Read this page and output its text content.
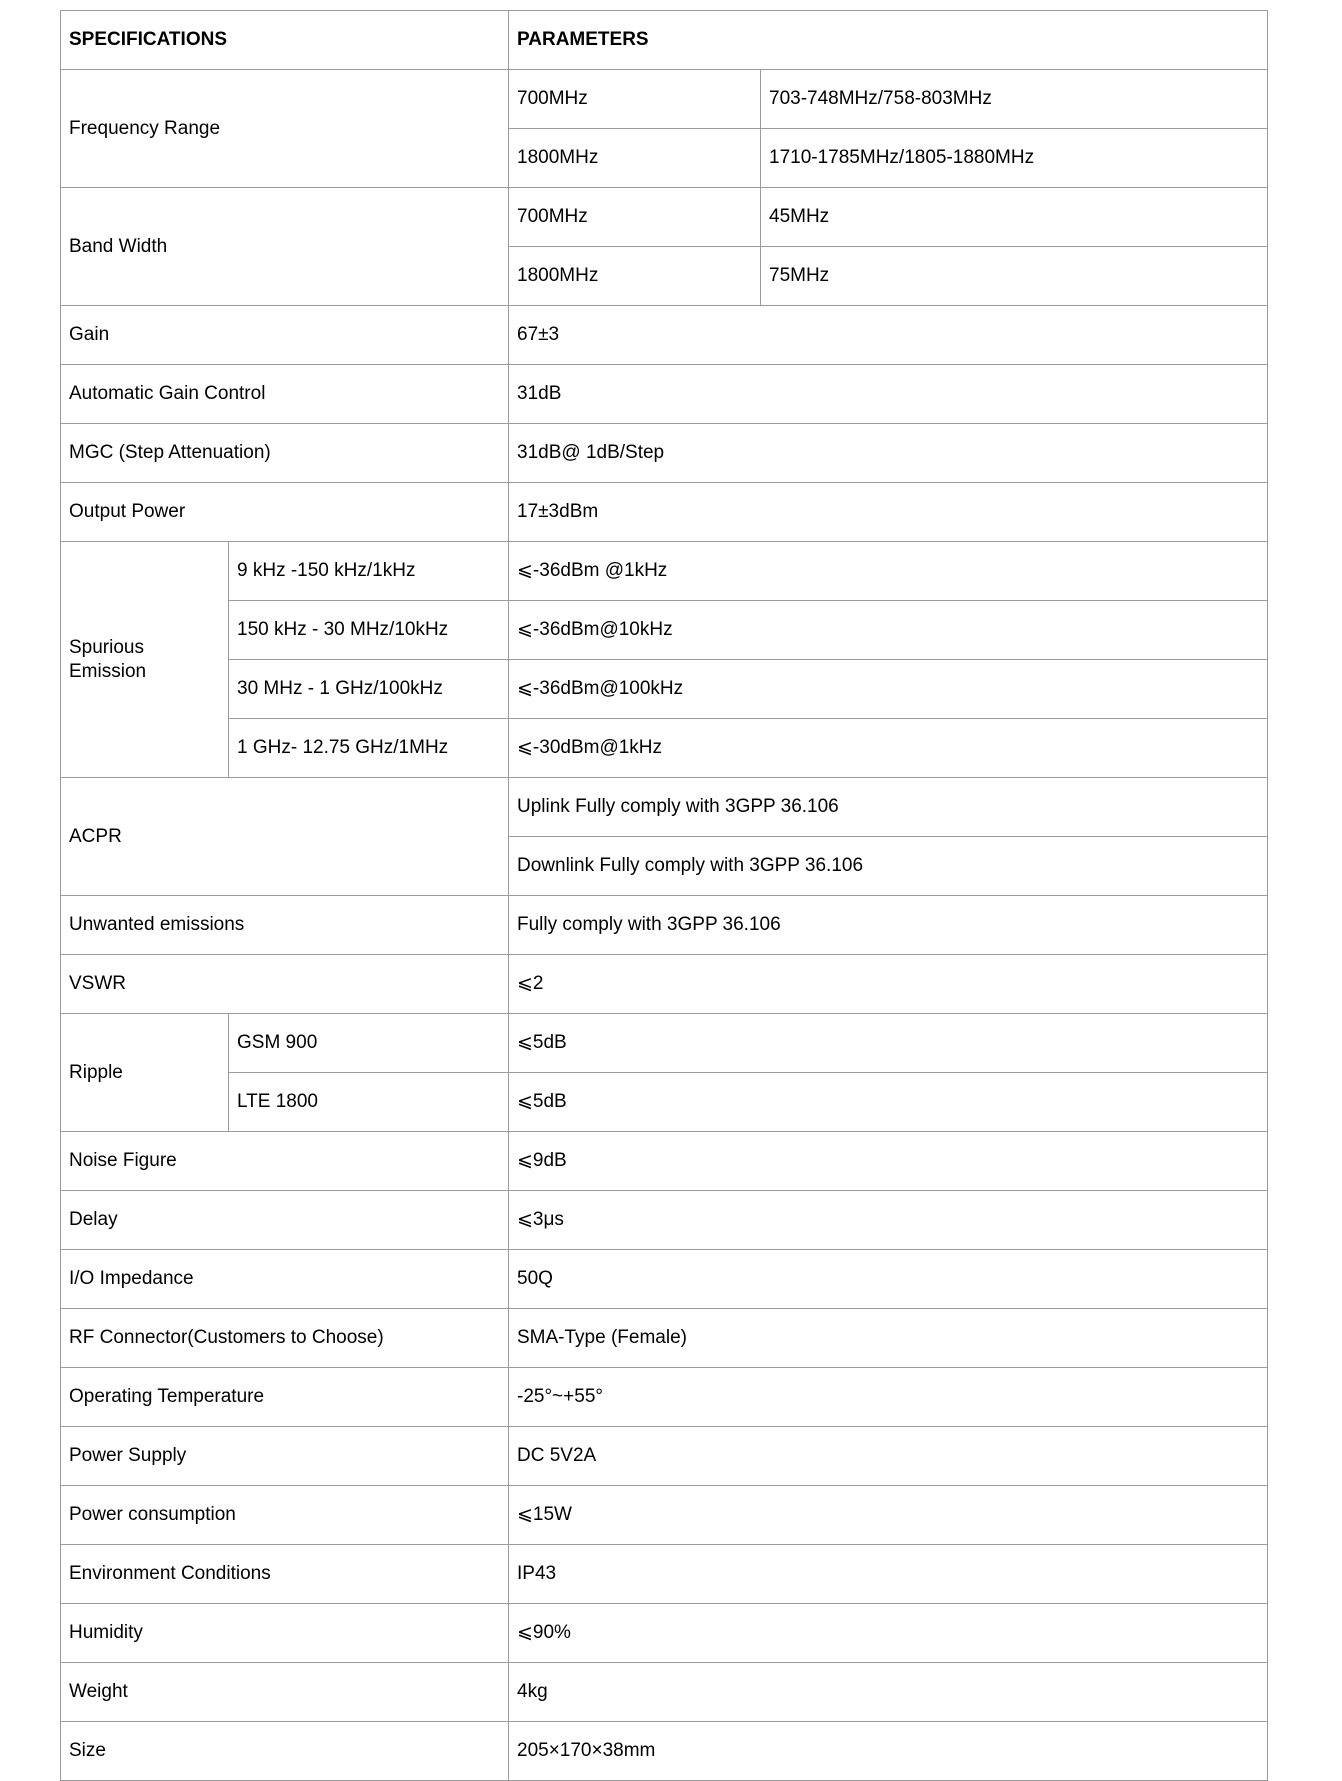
SPECIFICATIONS		PARAMETERS	
Frequency Range		700MHz	703-748MHz/758-803MHz
		1800MHz	1710-1785MHz/1805-1880MHz
Band Width		700MHz	45MHz
		1800MHz	75MHz
Gain		67±3	
Automatic Gain Control		31dB	
MGC (Step Attenuation)		31dB@ 1dB/Step	
Output Power		17±3dBm	
Spurious Emission	9 kHz -150 kHz/1kHz	⩽-36dBm @1kHz	
	150 kHz - 30 MHz/10kHz	⩽-36dBm@10kHz	
	30 MHz - 1 GHz/100kHz	⩽-36dBm@100kHz	
	1 GHz- 12.75 GHz/1MHz	⩽-30dBm@1kHz	
ACPR		Uplink Fully comply with 3GPP 36.106	
		Downlink Fully comply with 3GPP 36.106	
Unwanted emissions		Fully comply with 3GPP 36.106	
VSWR		⩽2	
Ripple	GSM 900	⩽5dB	
	LTE 1800	⩽5dB	
Noise Figure		⩽9dB	
Delay		⩽3μs	
I/O Impedance		50Q	
RF Connector(Customers to Choose)		SMA-Type (Female)	
Operating Temperature		-25°~+55°	
Power Supply		DC 5V2A	
Power consumption		⩽15W	
Environment Conditions		IP43	
Humidity		⩽90%	
Weight		4kg	
Size		205×170×38mm	
